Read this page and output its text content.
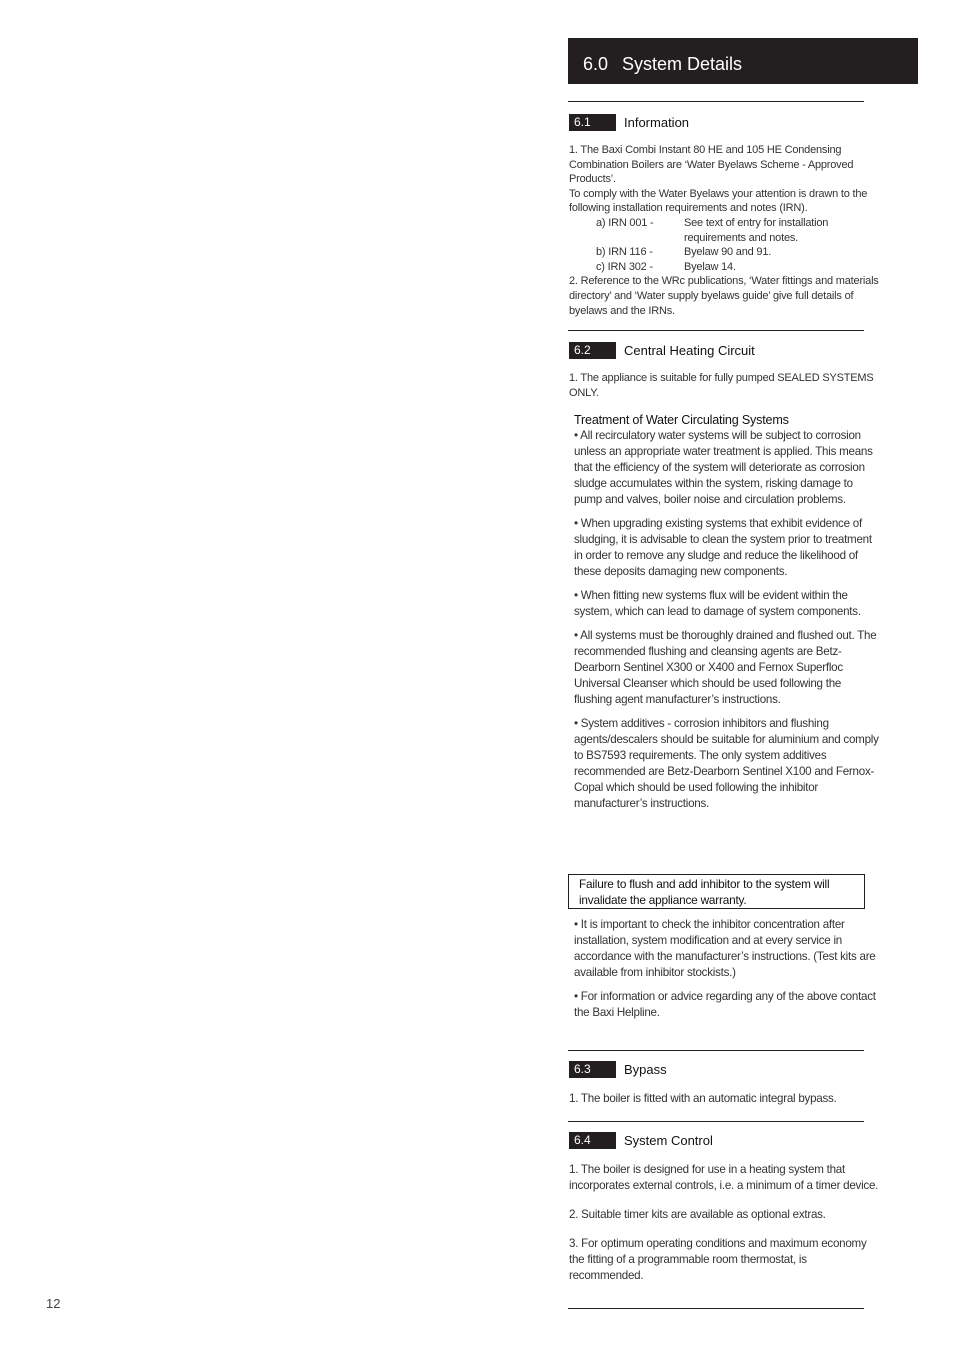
6.0  System Details
6.1	Information

1. The Baxi Combi Instant 80 HE and 105 HE Condensing Combination Boilers are ‘Water Byelaws Scheme - Approved Products’.

To comply with the Water Byelaws your attention is drawn to the following installation requirements and notes (IRN).

a) IRN 001 -	See text of entry for installation requirements and notes.
b) IRN 116 -	Byelaw 90 and 91.
c) IRN 302 -	Byelaw 14.

2. Reference to the WRc publications, ‘Water fittings and materials directory’ and ‘Water supply byelaws guide’ give full details of byelaws and the IRNs.

6.2	Central Heating Circuit
1. The appliance is suitable for fully pumped SEALED SYSTEMS ONLY.
Treatment of Water Circulating Systems

• All recirculatory water systems will be subject to corrosion unless an appropriate water treatment is applied. This means that the efficiency of the system will deteriorate as corrosion sludge accumulates within the system, risking damage to pump and valves, boiler noise and circulation problems.

• When upgrading existing systems that exhibit evidence of sludging, it is advisable to clean the system prior to treatment in order to remove any sludge and reduce the likelihood of these deposits damaging new components.

• When fitting new systems flux will be evident within the system, which can lead to damage of system components.

• All systems must be thoroughly drained and flushed out. The recommended flushing and cleansing agents are Betz-Dearborn Sentinel X300 or X400 and Fernox Superfloc Universal Cleanser which should be used following the flushing agent manufacturer’s instructions.

• System additives - corrosion inhibitors and flushing agents/descalers should be suitable for aluminium and comply to BS7593 requirements. The only system additives recommended are Betz-Dearborn Sentinel X100 and Fernox-Copal which should be used following the inhibitor manufacturer’s instructions.

Failure to flush and add inhibitor to the system will invalidate the appliance warranty.

• It is important to check the inhibitor concentration after installation, system modification and at every service in accordance with the manufacturer’s instructions. (Test kits are available from inhibitor stockists.)

• For information or advice regarding any of the above contact the Baxi Helpline.

6.3	Bypass
1. The boiler is fitted with an automatic integral bypass.
6.4	System Control

1. The boiler is designed for use in a heating system that incorporates external controls, i.e. a minimum of a timer device.

2. Suitable timer kits are available as optional extras.

3. For optimum operating conditions and maximum economy the fitting of a programmable room thermostat, is recommended.

12
